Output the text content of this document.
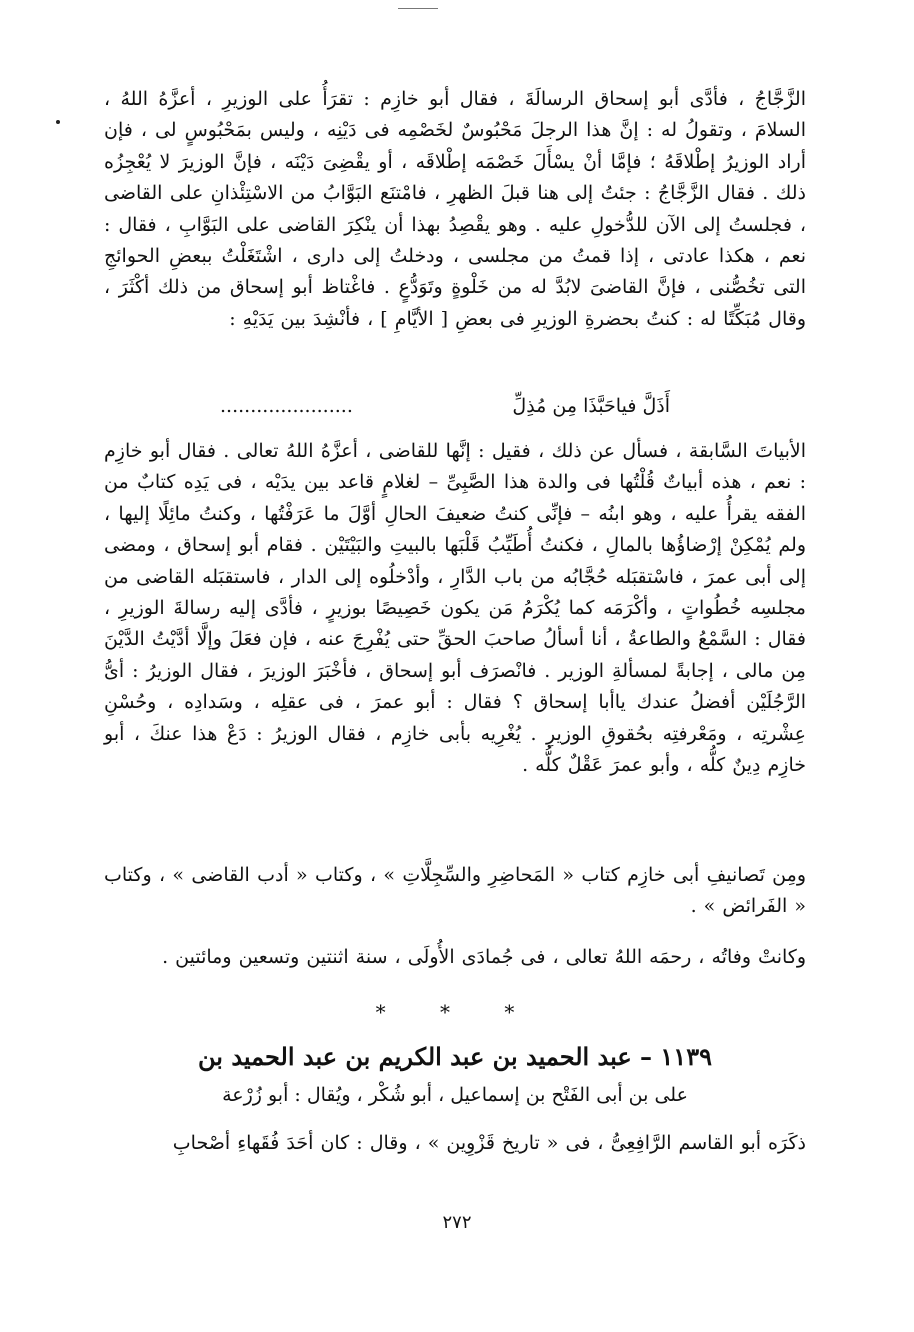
الزَّجَّاجُ ، فأدَّى أبو إسحاق الرسالَةَ ، فقال أبو خازِم : تقرَأُ على الوزيرِ ، أعزَّهُ اللهُ ، السلامَ ، وتقولُ له : إنَّ هذا الرجلَ مَحْبُوسٌ لخَصْمِه فى دَيْنِه ، وليس بمَحْبُوسٍ لى ، فإن أراد الوزيرُ إطْلاقَهُ ؛ فإمَّا أنْ يسْأَلَ خَصْمَه إطْلاقَه ، أو يقْضِىَ دَيْنَه ، فإنَّ الوزيرَ لا يُعْجِزُه ذلك . فقال الزَّجَّاجُ : جئتُ إلى هنا قبلَ الظهرِ ، فامْتنَع البَوَّابُ من الاسْتِئْذانِ على القاضى ، فجلستُ إلى الآن للدُّخولِ عليه . وهو يقْصِدُ بهذا أن ينْكِرَ القاضى على البَوَّابِ ، فقال : نعم ، هكذا عادتى ، إذا قمتُ من مجلسى ، ودخلتُ إلى دارى ، اشْتَغَلْتُ ببعضِ الحوائجِ التى تخُصُّنى ، فإنَّ القاضىَ لابُدَّ له من خَلْوةٍ وتَوَدُّعٍ . فاغْتاظ أبو إسحاق من ذلك أكْثَرَ ، وقال مُبَكِّتًا له : كنتُ بحضرةِ الوزيرِ فى بعضِ [ الأيَّامِ ] ، فأنْشِدَ بين يَدَيْهِ :

أَذَلَّ فياحَبَّذَا مِن مُذِلِّ
......................

الأبياتَ السَّابقة ، فسأل عن ذلك ، فقيل : إنَّها للقاضى ، أعزَّهُ اللهُ تعالى . فقال أبو خازِم : نعم ، هذه أبياتٌ قُلْتُها فى والدة هذا الصَّبِىِّ – لغلامٍ قاعد بين يدَيْه ، فى يَدِه كتابٌ من الفقه يقرأُ عليه ، وهو ابنُه – فإنِّى كنتُ ضعيفَ الحالِ أوَّلَ ما عَرَفْتُها ، وكنتُ مائِلًا إليها ، ولم يُمْكِنْ إرْضاؤُها بالمالِ ، فكنتُ أُطَيِّبُ قَلْبَها بالبيتِ والبَيْتَيْن . فقام أبو إسحاق ، ومضى إلى أبى عمرَ ، فاسْتقبَله حُجَّابُه من باب الدَّارِ ، وأدْخلُوه إلى الدار ، فاستقبَله القاضى من مجلسِه خُطُواتٍ ، وأكْرَمَه كما يُكْرَمُ مَن يكون خَصِيصًا بوزيرٍ ، فأدَّى إليه رسالةَ الوزيرِ ، فقال : السَّمْعُ والطاعةُ ، أنا أسألُ صاحبَ الحقِّ حتى يُفْرِجَ عنه ، فإن فعَلَ وإلَّا أدَّيْتُ الدَّيْنَ مِن مالى ، إجابةً لمسألةِ الوزير . فانْصرَف أبو إسحاق ، فأخْبَرَ الوزيرَ ، فقال الوزيرُ : أىُّ الرَّجُلَيْن أفضلُ عندك ياأبا إسحاق ؟ فقال : أبو عمرَ ، فى عقلِه ، وسَدادِه ، وحُسْنِ عِشْرتِه ، ومَعْرفتِه بحُقوقِ الوزيرِ . يُغْرِيه بأبى خازِم ، فقال الوزيرُ : دَعْ هذا عنكَ ، أبو خازِم دِينٌ كلُّه ، وأبو عمرَ عَقْلٌ كلُّه .

ومِن تَصانيفِ أبى خازِم كتاب « المَحاضِرِ والسِّجِلَّاتِ » ، وكتاب « أدب القاضى » ، وكتاب « الفَرائض » .

وكانتْ وفاتُه ، رحمَه اللهُ تعالى ، فى جُمادَى الأُولَى ، سنة اثنتين وتسعين ومائتين .

* * *
١١٣٩ – عبد الحميد بن عبد الكريم بن عبد الحميد بن
على بن أبى الفَتْح بن إسماعيل ، أبو شُكْر ، ويُقال : أبو زُرْعة

ذكَرَه أبو القاسم الرَّافِعِىُّ ، فى « تاريخ قَزْوِين » ، وقال : كان أحَدَ فُقَهاءِ أصْحابِ

٢٧٢
